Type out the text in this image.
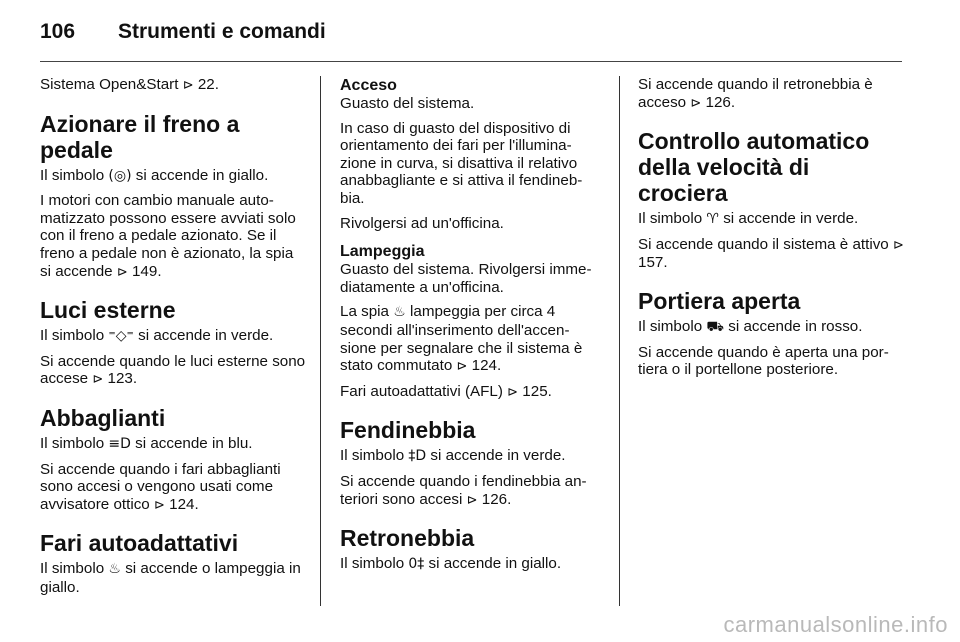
106 Strumenti e comandi

Sistema Open&Start ⊳ 22.

Azionare il freno a pedale

Il simbolo (◎) si accende in giallo.

I motori con cambio manuale auto-matizzato possono essere avviati solo con il freno a pedale azionato. Se il freno a pedale non è azionato, la spia si accende ⊳ 149.

Luci esterne

Il simbolo ⁼◇⁼ si accende in verde.

Si accende quando le luci esterne sono accese ⊳ 123.

Abbaglianti

Il simbolo ≡D si accende in blu.

Si accende quando i fari abbaglianti sono accesi o vengono usati come avvisatore ottico ⊳ 124.

Fari autoadattativi

Il simbolo ♨ si accende o lampeggia in giallo.

Acceso

Guasto del sistema.

In caso di guasto del dispositivo di orientamento dei fari per l'illumina-zione in curva, si disattiva il relativo anabbagliante e si attiva il fendineb-bia.

Rivolgersi ad un'officina.

Lampeggia

Guasto del sistema. Rivolgersi imme-diatamente a un'officina.

La spia ♨ lampeggia per circa 4 secondi all'inserimento dell'accen-sione per segnalare che il sistema è stato commutato ⊳ 124.

Fari autoadattativi (AFL) ⊳ 125.

Fendinebbia

Il simbolo ‡D si accende in verde.

Si accende quando i fendinebbia an-teriori sono accesi ⊳ 126.

Retronebbia

Il simbolo 0‡ si accende in giallo.

Si accende quando il retronebbia è acceso ⊳ 126.

Controllo automatico della velocità di crociera

Il simbolo ♈ si accende in verde.

Si accende quando il sistema è attivo ⊳ 157.

Portiera aperta

Il simbolo ⛟ si accende in rosso.

Si accende quando è aperta una por-tiera o il portellone posteriore.

carmanualsonline.info
